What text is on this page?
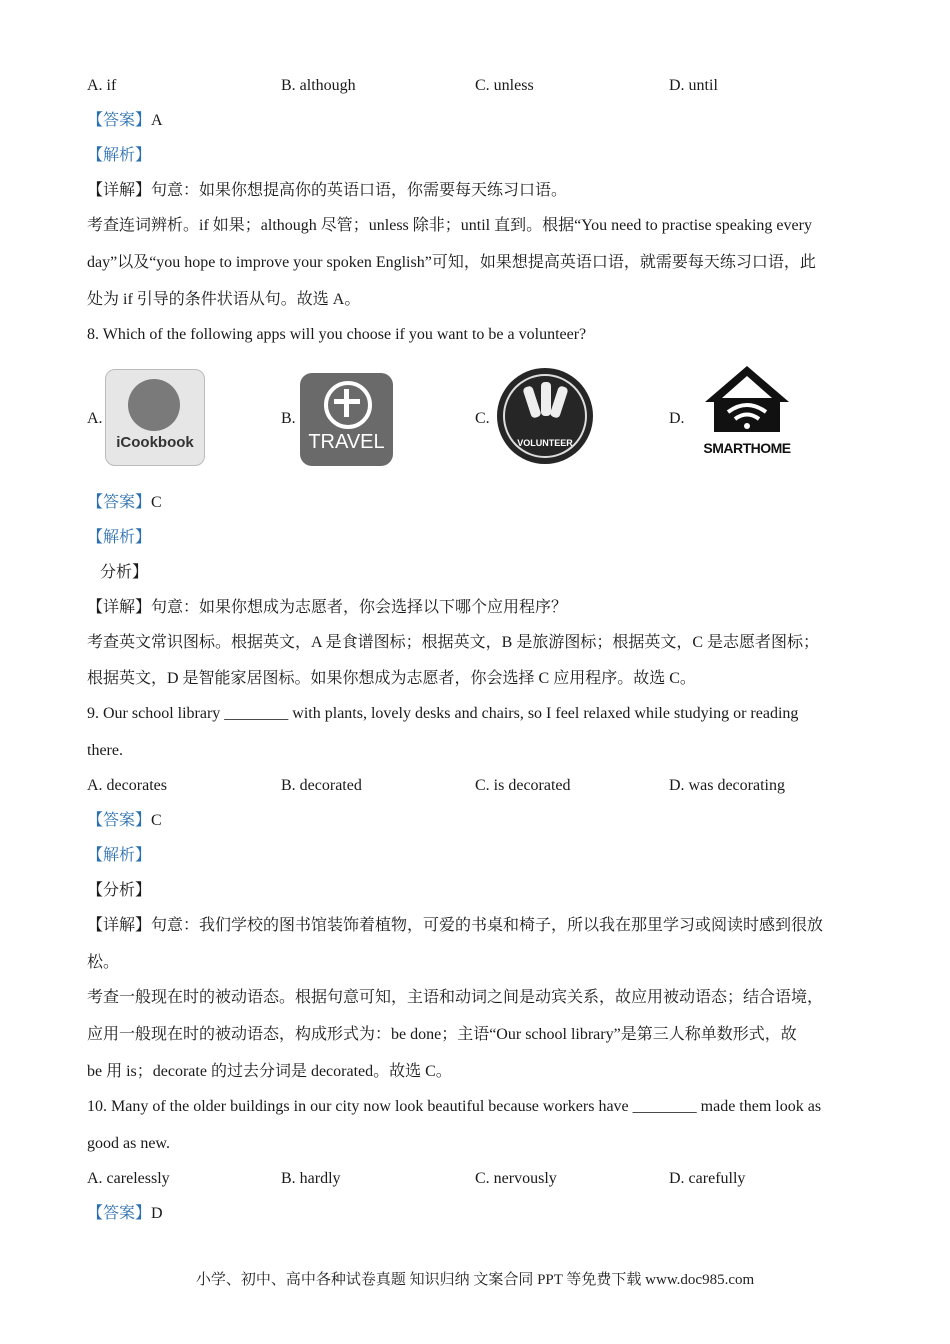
A. if	B. although	C. unless	D. until
【答案】A
【解析】
【详解】句意：如果你想提高你的英语口语，你需要每天练习口语。
考查连词辨析。if 如果；although 尽管；unless 除非；until 直到。根据“You need to practise speaking every
day”以及“you hope to improve your spoken English”可知，如果想提高英语口语，就需要每天练习口语，此
处为 if 引导的条件状语从句。故选 A。
8. Which of the following apps will you choose if you want to be a volunteer?
A.
iCookbook
B.
TRAVEL
C.
VOLUNTEER
D.
SMARTHOME
【答案】C
【解析】
分析】
【详解】句意：如果你想成为志愿者，你会选择以下哪个应用程序？
考查英文常识图标。根据英文，A 是食谱图标；根据英文，B 是旅游图标；根据英文，C 是志愿者图标；
根据英文，D 是智能家居图标。如果你想成为志愿者，你会选择 C 应用程序。故选 C。
9. Our school library ________ with plants, lovely desks and chairs, so I feel relaxed while studying or reading
there.
A. decorates	B. decorated	C. is decorated	D. was decorating
【答案】C
【解析】
【分析】
【详解】句意：我们学校的图书馆装饰着植物，可爱的书桌和椅子，所以我在那里学习或阅读时感到很放
松。
考查一般现在时的被动语态。根据句意可知，主语和动词之间是动宾关系，故应用被动语态；结合语境，
应用一般现在时的被动语态，构成形式为：be done；主语“Our school library”是第三人称单数形式，故
be 用 is；decorate 的过去分词是 decorated。故选 C。
10. Many of the older buildings in our city now look beautiful because workers have ________ made them look as
good as new.
A. carelessly	B. hardly	C. nervously	D. carefully
【答案】D
小学、初中、高中各种试卷真题 知识归纳 文案合同 PPT 等免费下载 www.doc985.com
